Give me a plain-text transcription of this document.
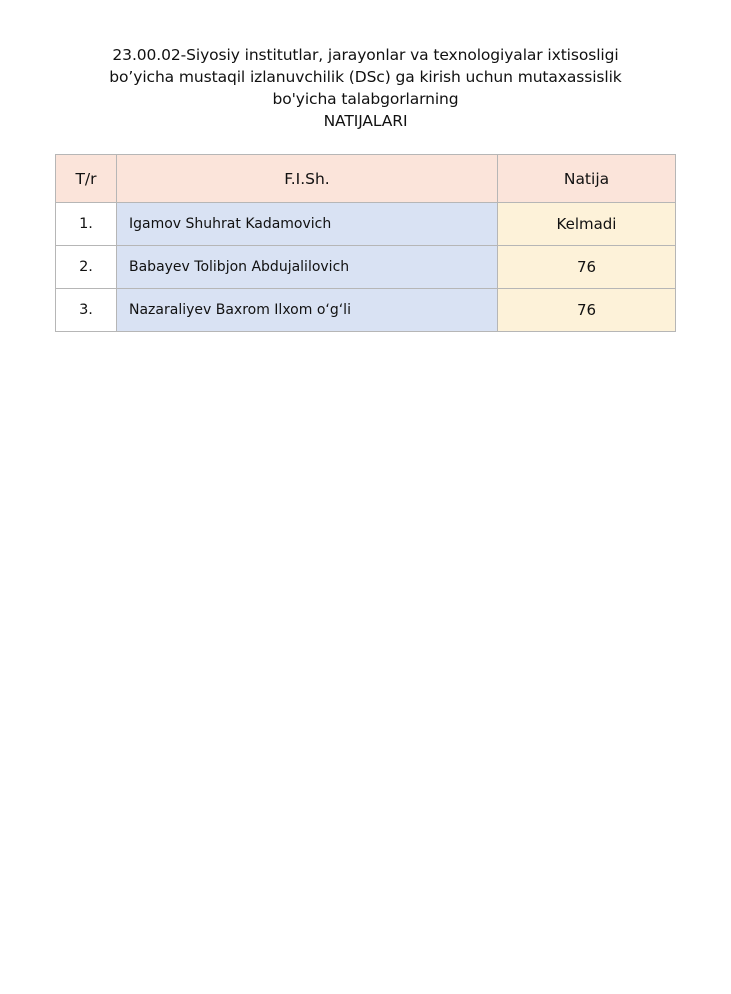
23.00.02-Siyosiy institutlar, jarayonlar va texnologiyalar ixtisosligi
bo’yicha mustaqil izlanuvchilik (DSc) ga kirish uchun mutaxassislik
bo'yicha talabgorlarning
NATIJALARI
T/r	F.I.Sh.	Natija
1.	Igamov Shuhrat Kadamovich	Kelmadi
2.	Babayev Tolibjon Abdujalilovich	76
3.	Nazaraliyev Baxrom Ilxom o‘g‘li	76
